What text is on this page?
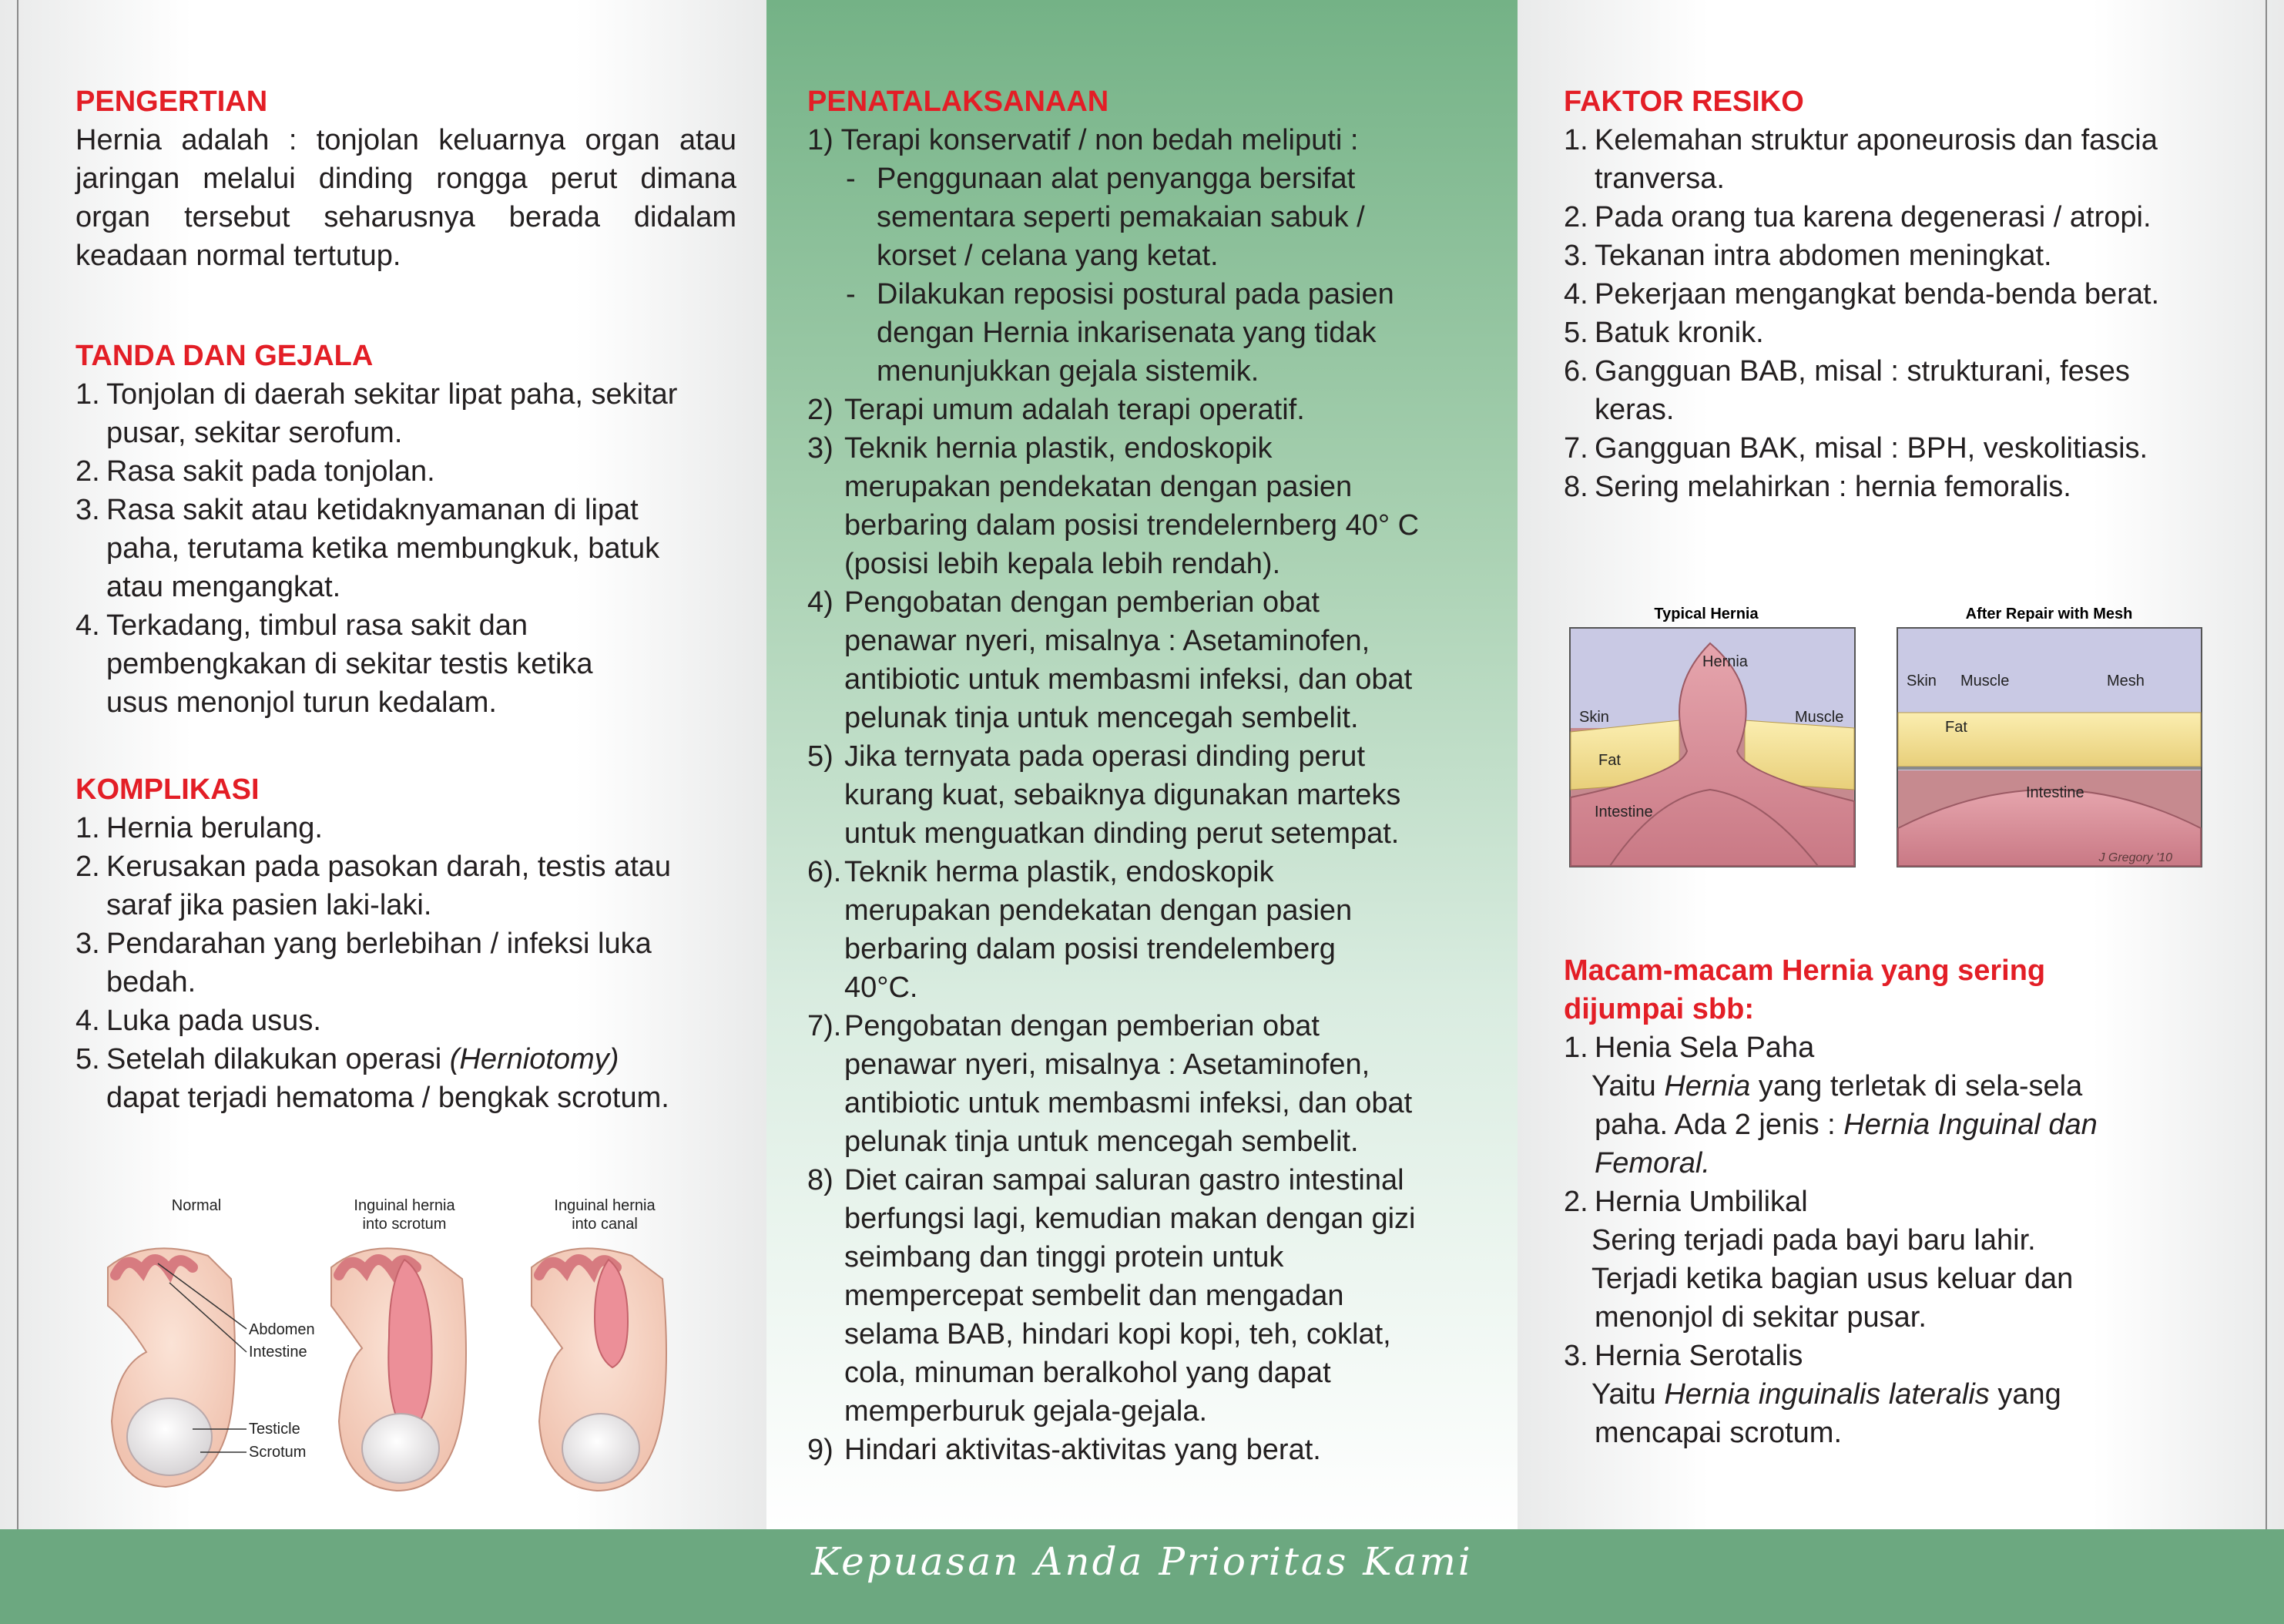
PENGERTIAN

Hernia adalah : tonjolan keluarnya organ atau

jaringan melalui dinding rongga perut dimana

organ tersebut seharusnya berada didalam

keadaan normal tertutup.

TANDA DAN GEJALA
1. Tonjolan di daerah sekitar lipat paha, sekitar
pusar, sekitar serofum.
2. Rasa sakit pada tonjolan.
3. Rasa sakit atau ketidaknyamanan di lipat
paha, terutama ketika membungkuk, batuk
atau mengangkat.
4. Terkadang, timbul rasa sakit dan
pembengkakan di sekitar testis ketika
usus menonjol turun kedalam.
KOMPLIKASI
1. Hernia berulang.
2. Kerusakan pada pasokan darah, testis atau
saraf jika pasien laki-laki.
3. Pendarahan yang berlebihan / infeksi luka
bedah.
4. Luka pada usus.
5. Setelah dilakukan operasi (Herniotomy)
dapat terjadi hematoma / bengkak scrotum.
Normal	Inguinal hernia
into scrotum
Inguinal hernia
into canal
Abdomen
Intestine
Testicle
Scrotum
PENATALAKSANAAN

1) Terapi konservatif / non bedah meliputi :

- Penggunaan alat penyangga bersifat
sementara seperti pemakaian sabuk /
korset / celana yang ketat.
- Dilakukan reposisi postural pada pasien
dengan Hernia inkarisenata yang tidak
menunjukkan gejala sistemik.
2) Terapi umum adalah terapi operatif.
3) Teknik hernia plastik, endoskopik
merupakan pendekatan dengan pasien
berbaring dalam posisi trendelernberg 40° C
(posisi lebih kepala lebih rendah).
4) Pengobatan dengan pemberian obat
penawar nyeri, misalnya : Asetaminofen,
antibiotic untuk membasmi infeksi, dan obat
pelunak tinja untuk mencegah sembelit.
5) Jika ternyata pada operasi dinding perut
kurang kuat, sebaiknya digunakan marteks
untuk menguatkan dinding perut setempat.
6). Teknik herma plastik, endoskopik
merupakan pendekatan dengan pasien
berbaring dalam posisi trendelemberg
40°C.
7). Pengobatan dengan pemberian obat
penawar nyeri, misalnya : Asetaminofen,
antibiotic untuk membasmi infeksi, dan obat
pelunak tinja untuk mencegah sembelit.
8) Diet cairan sampai saluran gastro intestinal
berfungsi lagi, kemudian makan dengan gizi
seimbang dan tinggi protein untuk
mempercepat sembelit dan mengadan
selama BAB, hindari kopi kopi, teh, coklat,
cola, minuman beralkohol yang dapat
memperburuk gejala-gejala.
9) Hindari aktivitas-aktivitas yang berat.
FAKTOR RESIKO
1. Kelemahan struktur aponeurosis dan fascia
tranversa.
2. Pada orang tua karena degenerasi / atropi.
3. Tekanan intra abdomen meningkat.
4. Pekerjaan mengangkat benda-benda berat.
5. Batuk kronik.
6. Gangguan BAB, misal : strukturani, feses
keras.
7. Gangguan BAK, misal : BPH, veskolitiasis.
8. Sering melahirkan : hernia femoralis.
Typical Hernia	After Repair with Mesh
Hernia
Skin	Muscle
Fat
Intestine
Skin Muscle	Mesh
Fat
Intestine
J Gregory '10
Macam-macam Hernia yang sering
dijumpai sbb:

1. Henia Sela Paha

Yaitu Hernia yang terletak di sela-sela

paha. Ada 2 jenis : Hernia Inguinal dan

Femoral.

2. Hernia Umbilikal

Sering terjadi pada bayi baru lahir.

Terjadi ketika bagian usus keluar dan

menonjol di sekitar pusar.

3. Hernia Serotalis

Yaitu Hernia inguinalis lateralis yang

mencapai scrotum.

Kepuasan Anda Prioritas Kami
